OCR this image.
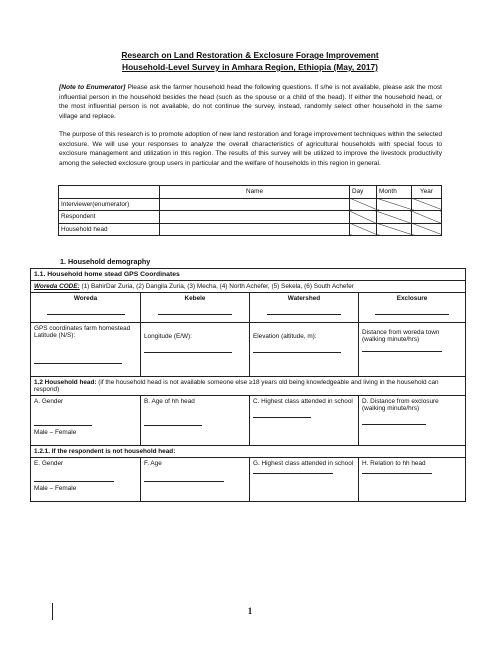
Research on Land Restoration & Exclosure Forage Improvement
Household-Level Survey in Amhara Region, Ethiopia (May, 2017)
[Note to Enumerator] Please ask the farmer household head the following questions. If s/he is not available, please ask the most influential person in the household besides the head (such as the spouse or a child of the head). If either the household head, or the most influential person is not available, do not continue the survey, instead, randomly select other household in the same village and replace.
The purpose of this research is to promote adoption of new land restoration and forage improvement techniques within the selected exclosure. We will use your responses to analyze the overall characteristics of agricultural households with special focus to exclosure management and utilization in this region. The results of this survey will be utilized to improve the livestock productivity among the selected exclosure group users in particular and the welfare of households in this region in general.
	Name	Day	Month	Year
Interviewer(enumerator)				
Respondent				
Household head				
1. Household demography
1.1. Household home stead GPS Coordinates			
Woreda CODE: (1) BahirDar Zuria, (2) Dangila Zuria, (3) Mecha, (4) North Achefer, (5) Sekela, (6) South Achefer			

Woreda	Kebele	Watershed	Exclosure

GPS coordinates farm homestead Latitude (N/S):	Longitude (E/W):	Elevation (altitude, m):	Distance from woreda town (walking minute/hrs)

1.2 Household head: (if the household head is not available someone else ≥18 years old being knowledgeable and living in the household can respond)			

A. Gender
Male – Female	B. Age of hh head	C. Highest class attended in school	D. Distance from exclosure (walking minute/hrs)

1.2.1. If the respondent is not household head:			

E. Gender
Male – Female	F. Age	G. Highest class attended in school	H. Relation to hh head
1
